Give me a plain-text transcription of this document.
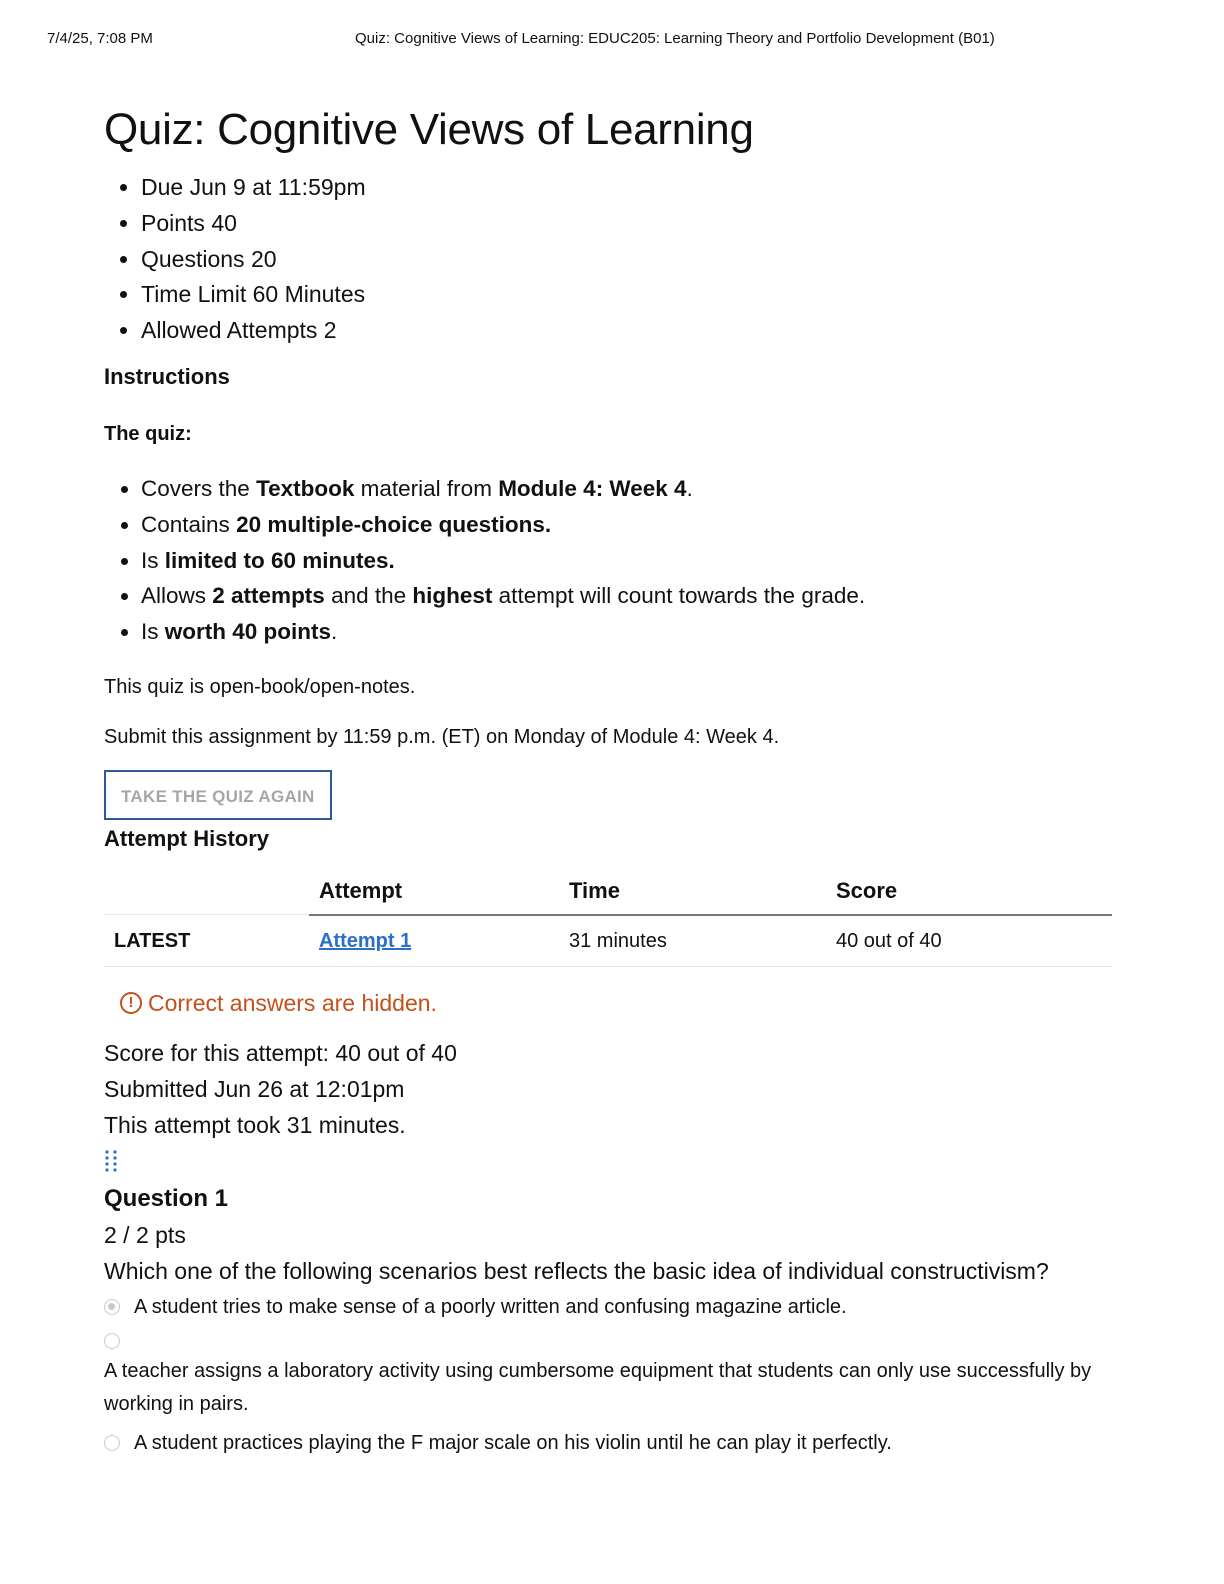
7/4/25, 7:08 PM	Quiz: Cognitive Views of Learning: EDUC205: Learning Theory and Portfolio Development (B01)
Quiz: Cognitive Views of Learning
• Due Jun 9 at 11:59pm
• Points 40
• Questions 20
• Time Limit 60 Minutes
• Allowed Attempts 2
Instructions
The quiz:
• Covers the Textbook material from Module 4: Week 4.
• Contains 20 multiple-choice questions.
• Is limited to 60 minutes.
• Allows 2 attempts and the highest attempt will count towards the grade.
• Is worth 40 points.

This quiz is open-book/open-notes.

Submit this assignment by 11:59 p.m. (ET) on Monday of Module 4: Week 4.

TAKE THE QUIZ AGAIN
Attempt History
	Attempt	Time	Score
LATEST	Attempt 1	31 minutes	40 out of 40
! Correct answers are hidden.
Score for this attempt: 40 out of 40
Submitted Jun 26 at 12:01pm
This attempt took 31 minutes.
Question 1
2 / 2 pts
Which one of the following scenarios best reflects the basic idea of individual constructivism?
A student tries to make sense of a poorly written and confusing magazine article.
A teacher assigns a laboratory activity using cumbersome equipment that students can only use successfully by working in pairs.
A student practices playing the F major scale on his violin until he can play it perfectly.
